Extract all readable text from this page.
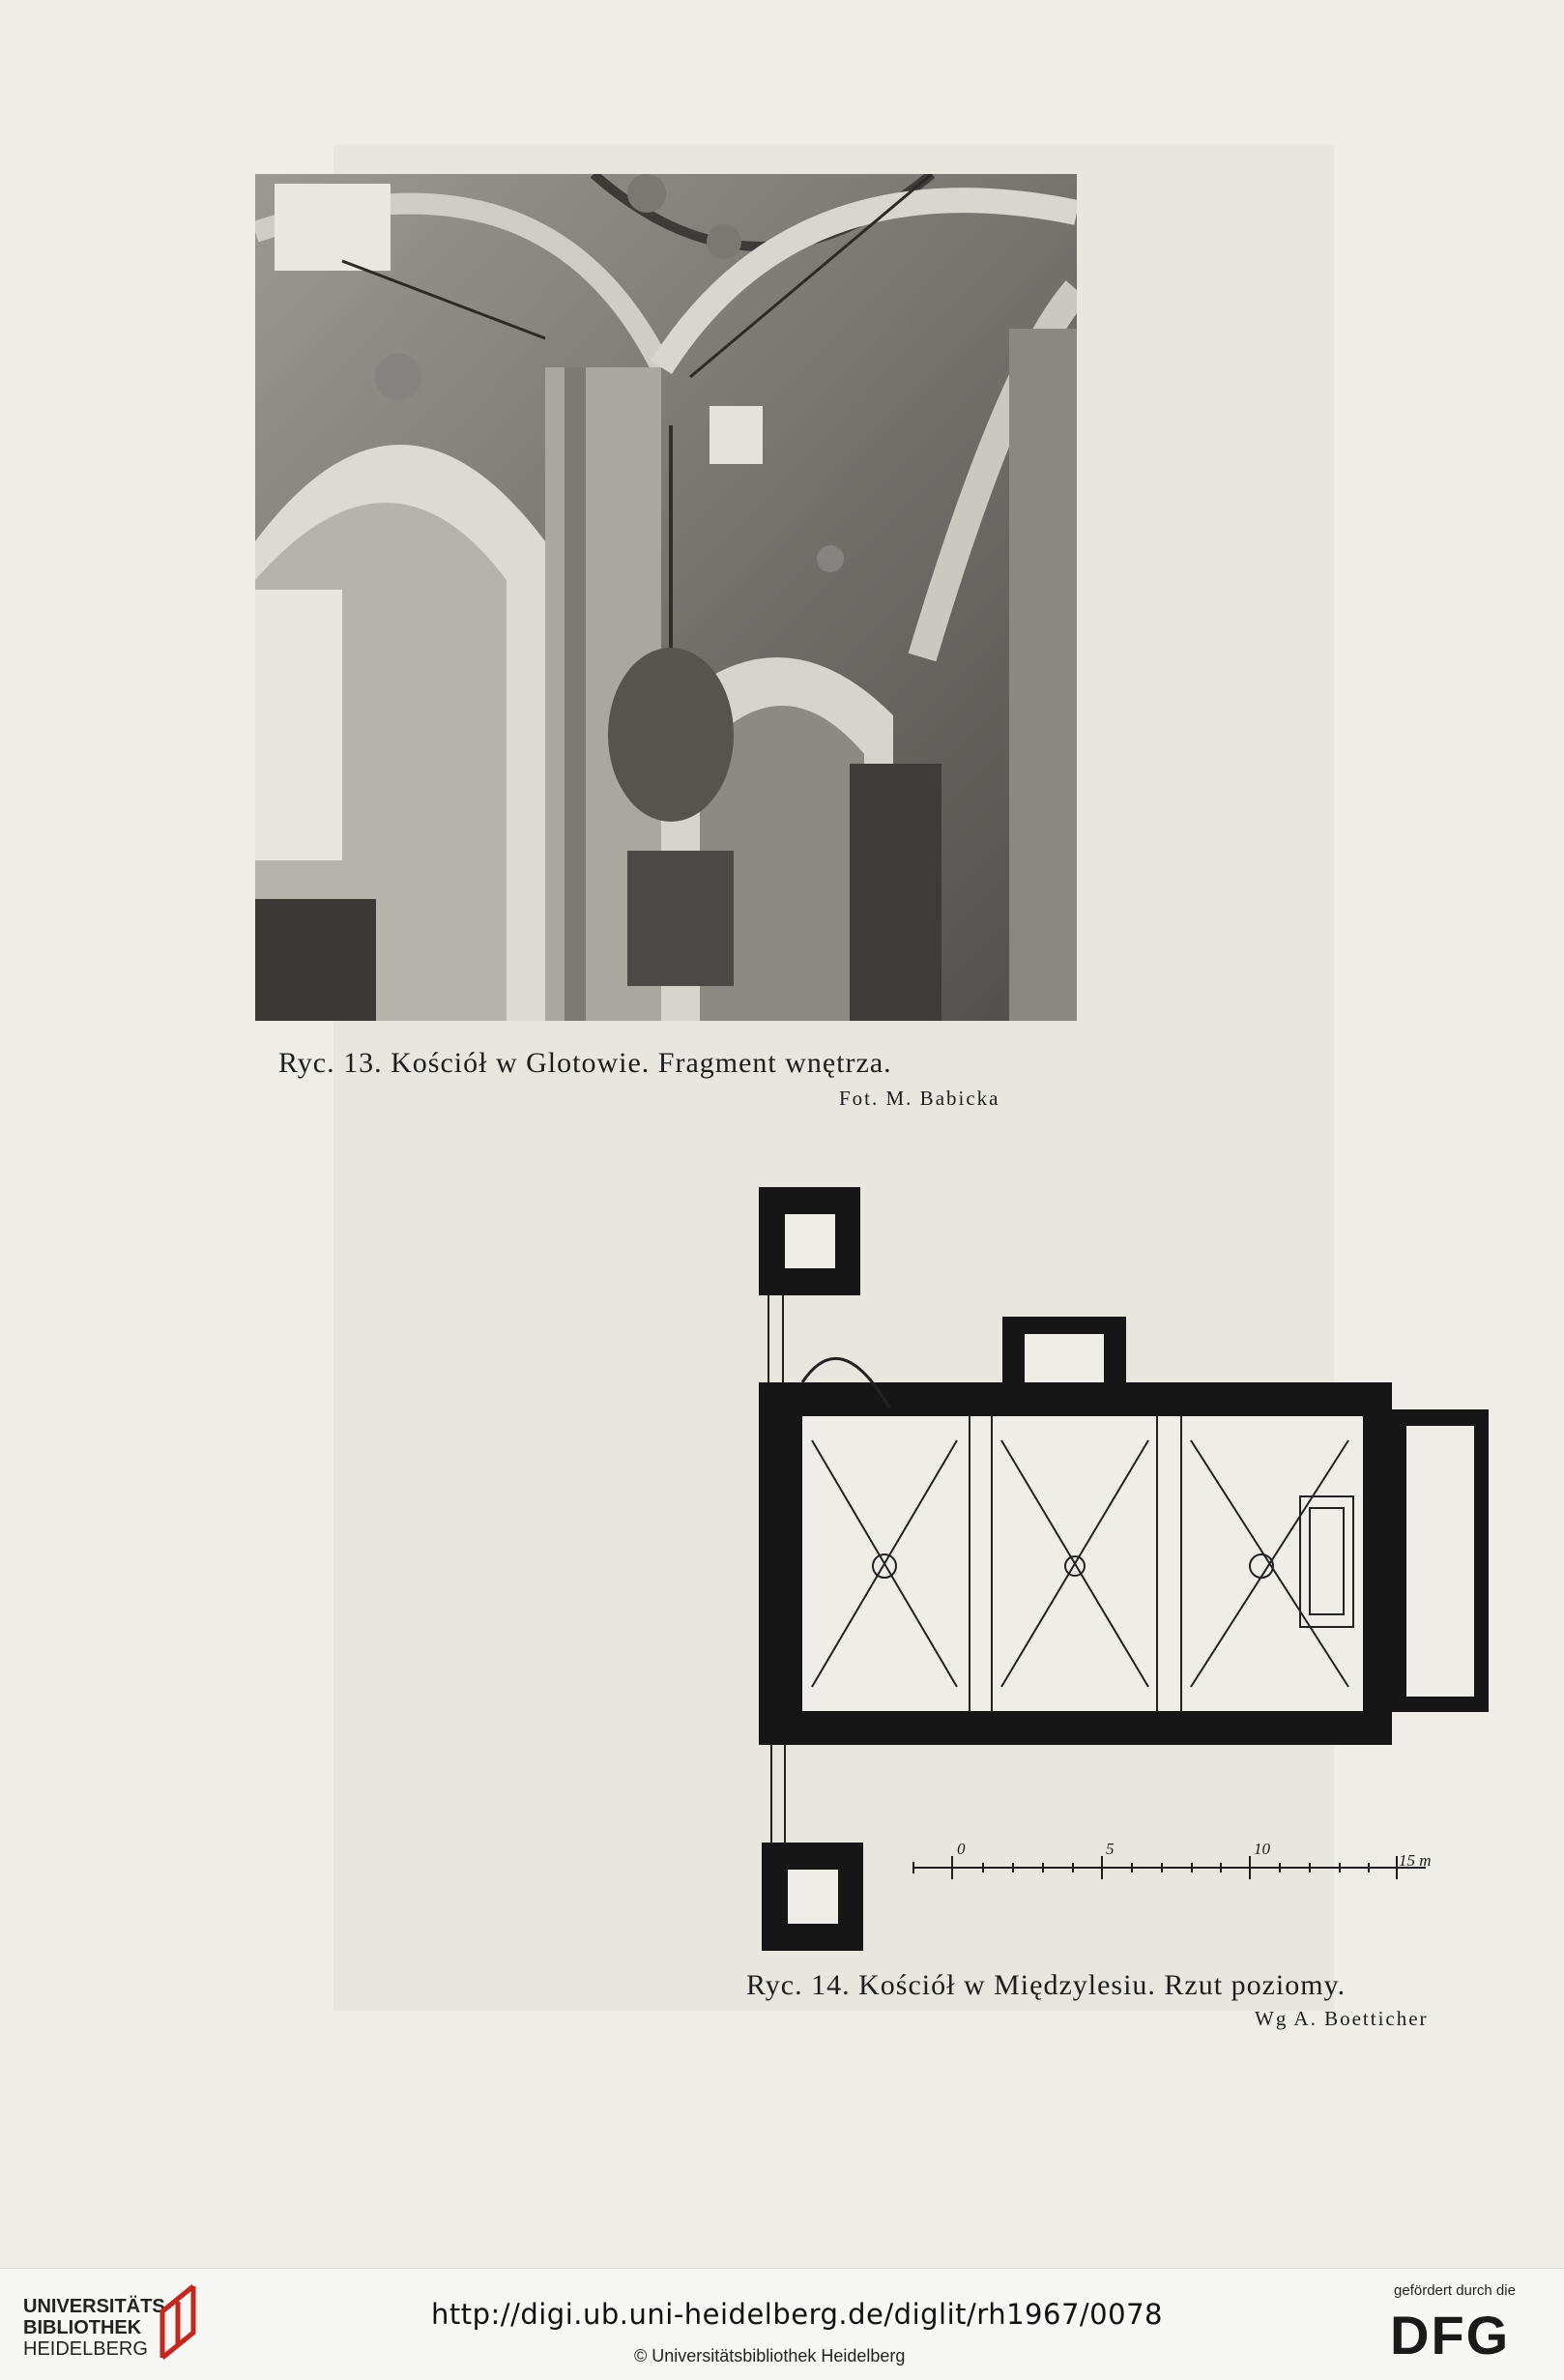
Ryc. 13. Kościół w Glotowie. Fragment wnętrza.
Fot. M. Babicka
0	5	10
15 m
Ryc. 14. Kościół w Międzylesiu. Rzut poziomy.
Wg A. Boetticher
UNIVERSITÄTS-
BIBLIOTHEK
HEIDELBERG
http://digi.ub.uni-heidelberg.de/diglit/rh1967/0078
© Universitätsbibliothek Heidelberg
gefördert durch die
DFG
